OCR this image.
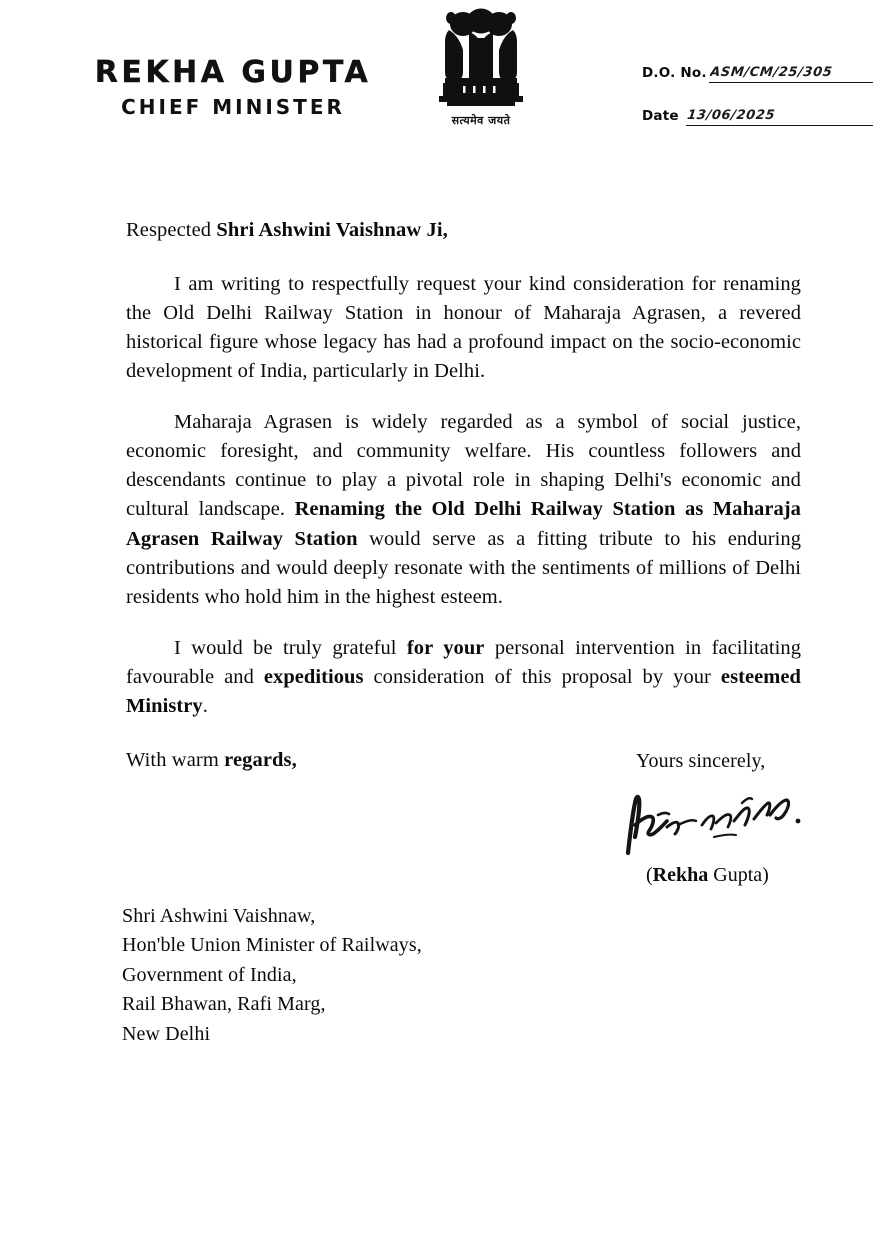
REKHA GUPTA
CHIEF MINISTER
सत्यमेव जयते
D.O. No. ASM/CM/25/305
Date 13/06/2025
Respected Shri Ashwini Vaishnaw Ji,

I am writing to respectfully request your kind consideration for renaming the Old Delhi Railway Station in honour of Maharaja Agrasen, a revered historical figure whose legacy has had a profound impact on the socio-economic development of India, particularly in Delhi.

Maharaja Agrasen is widely regarded as a symbol of social justice, economic foresight, and community welfare. His countless followers and descendants continue to play a pivotal role in shaping Delhi's economic and cultural landscape. Renaming the Old Delhi Railway Station as Maharaja Agrasen Railway Station would serve as a fitting tribute to his enduring contributions and would deeply resonate with the sentiments of millions of Delhi residents who hold him in the highest esteem.

I would be truly grateful for your personal intervention in facilitating favourable and expeditious consideration of this proposal by your esteemed Ministry.

With warm regards,	Yours sincerely,
(Rekha Gupta)
Shri Ashwini Vaishnaw,
Hon'ble Union Minister of Railways,
Government of India,
Rail Bhawan, Rafi Marg,
New Delhi
